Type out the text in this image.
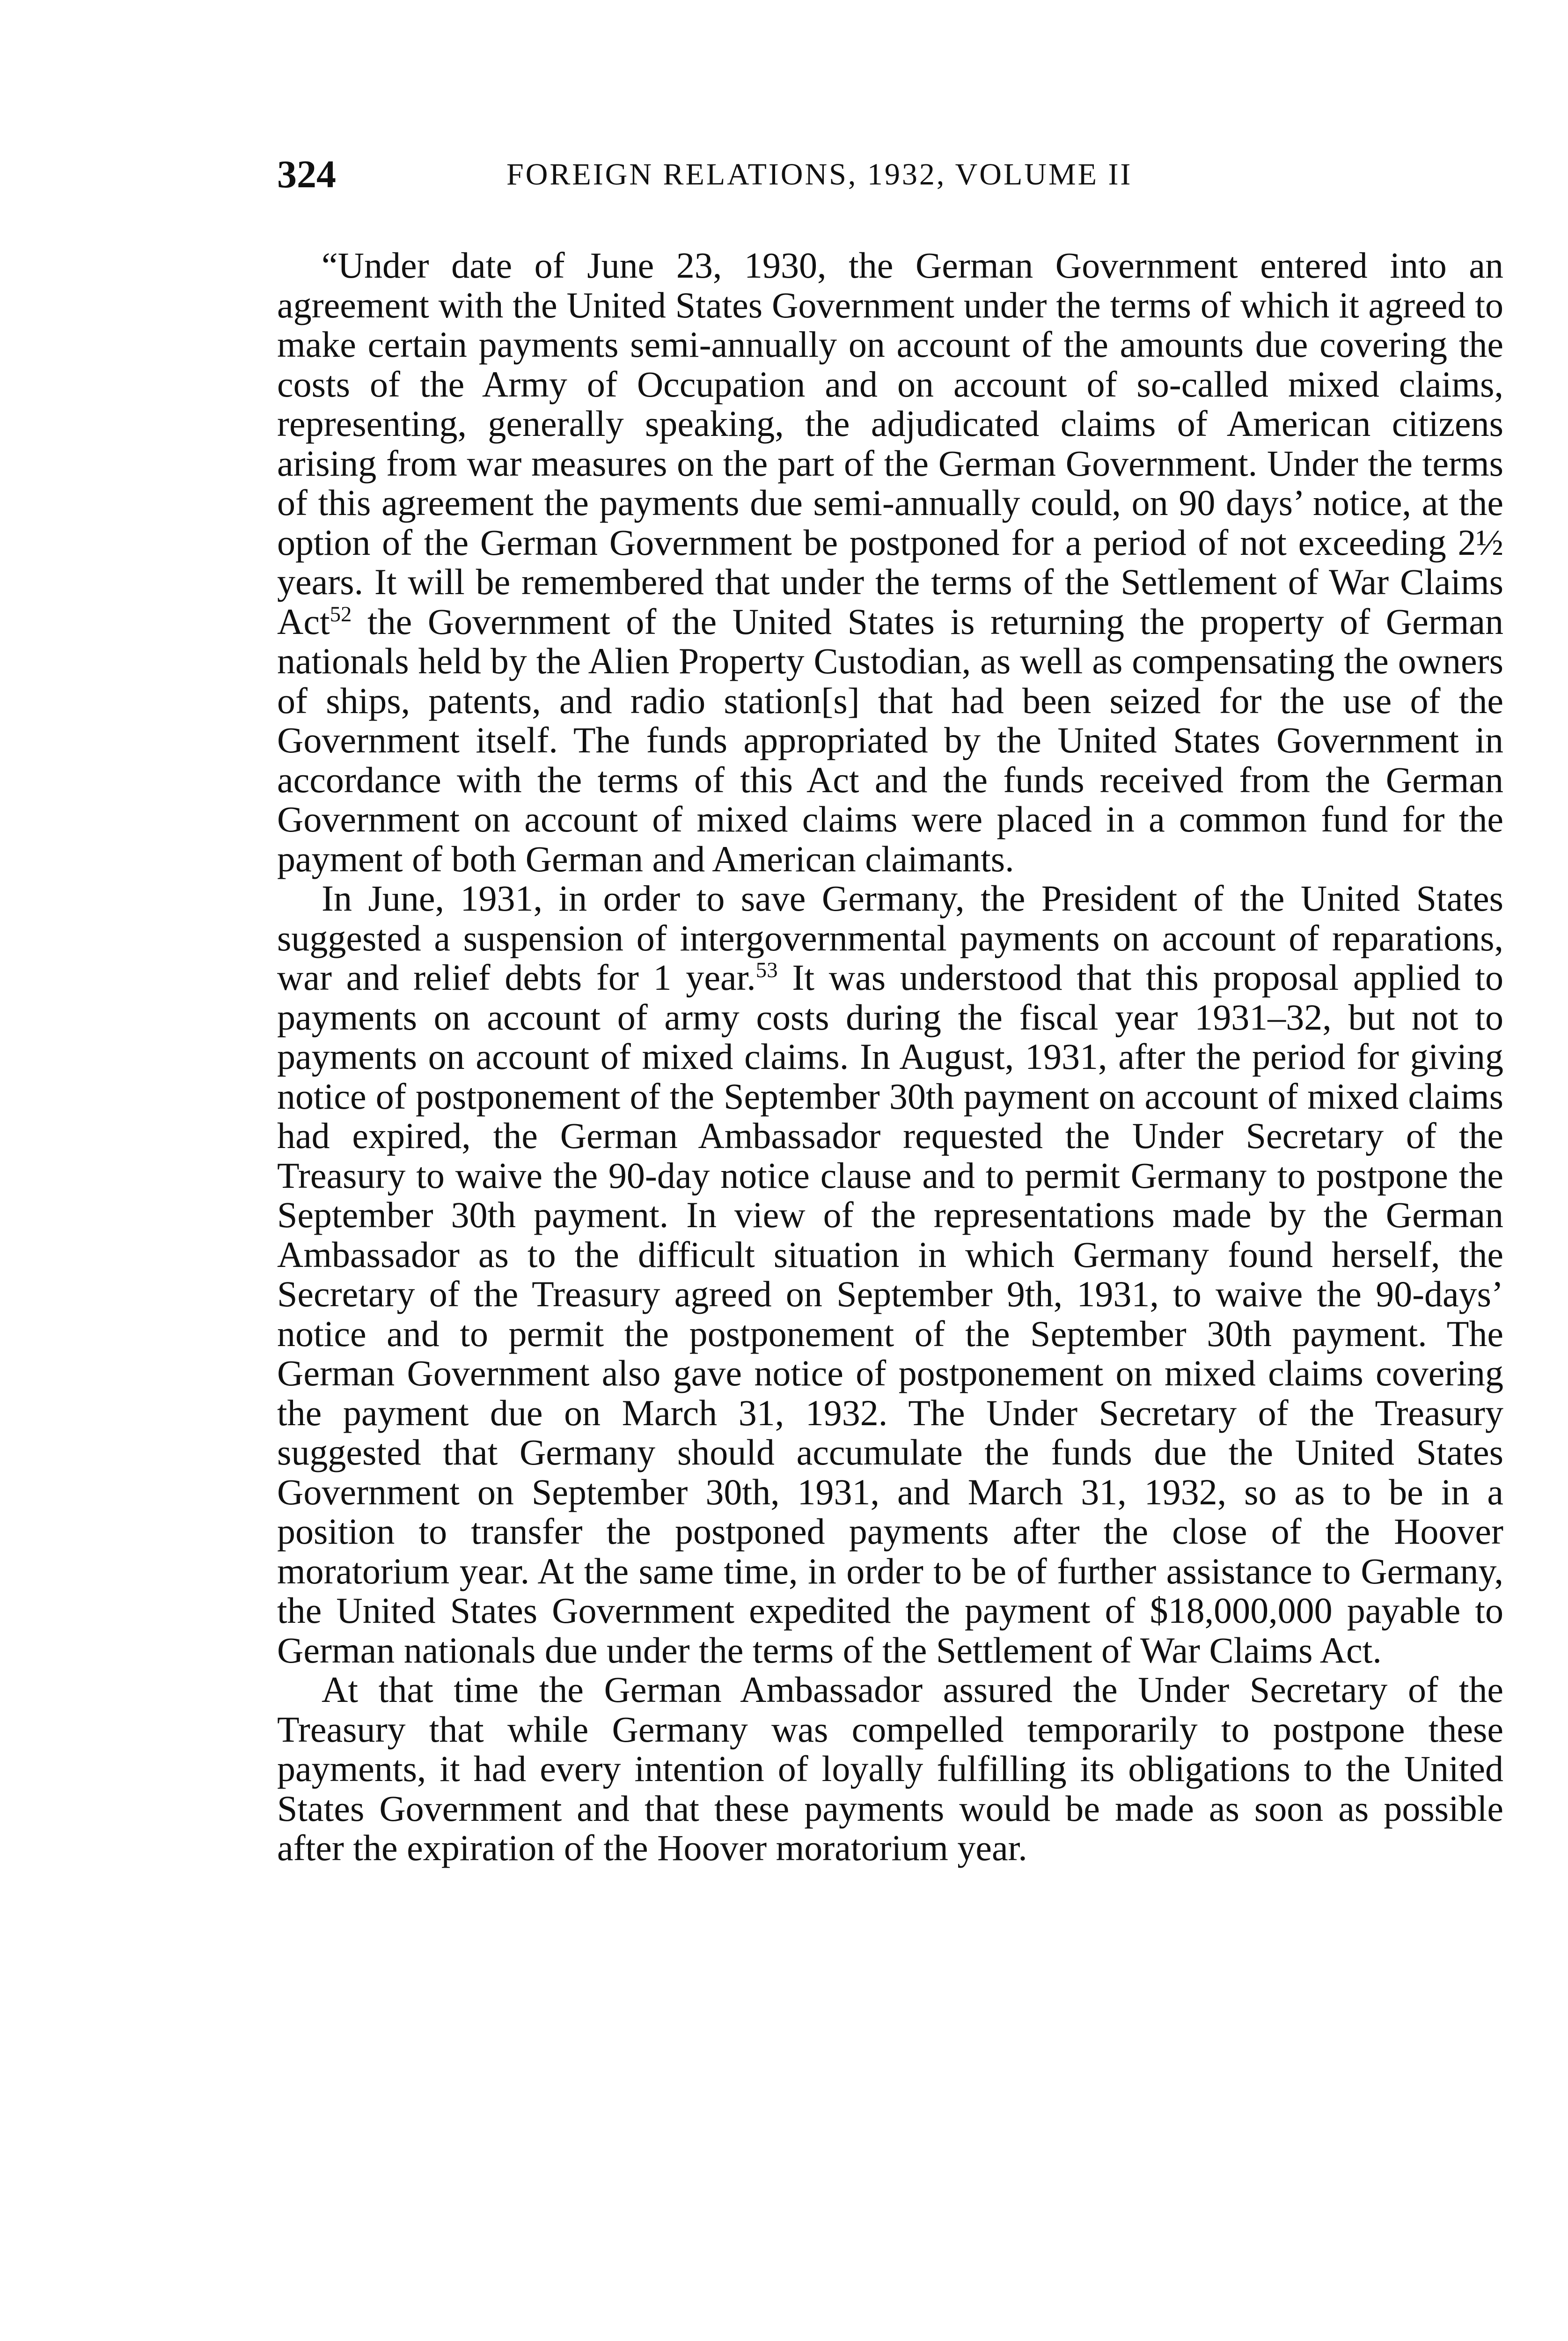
324	FOREIGN RELATIONS, 1932, VOLUME II

“Under date of June 23, 1930, the German Government entered into an agreement with the United States Government under the terms of which it agreed to make certain payments semi-annually on account of the amounts due covering the costs of the Army of Occupation and on account of so-called mixed claims, representing, generally speaking, the adjudicated claims of American citizens arising from war measures on the part of the German Government. Under the terms of this agreement the payments due semi-annually could, on 90 days’ notice, at the option of the German Government be postponed for a period of not exceeding 2½ years. It will be remembered that under the terms of the Settlement of War Claims Act$^{52}$ the Government of the United States is returning the property of German nationals held by the Alien Property Custodian, as well as compensating the owners of ships, patents, and radio station[s] that had been seized for the use of the Government itself. The funds appropriated by the United States Government in accordance with the terms of this Act and the funds received from the German Government on account of mixed claims were placed in a common fund for the payment of both German and American claimants.

In June, 1931, in order to save Germany, the President of the United States suggested a suspension of intergovernmental payments on account of reparations, war and relief debts for 1 year.$^{53}$ It was understood that this proposal applied to payments on account of army costs during the fiscal year 1931–32, but not to payments on account of mixed claims. In August, 1931, after the period for giving notice of postponement of the September 30th payment on account of mixed claims had expired, the German Ambassador requested the Under Secretary of the Treasury to waive the 90-day notice clause and to permit Germany to postpone the September 30th payment. In view of the representations made by the German Ambassador as to the difficult situation in which Germany found herself, the Secretary of the Treasury agreed on September 9th, 1931, to waive the 90-days’ notice and to permit the postponement of the September 30th payment. The German Government also gave notice of postponement on mixed claims covering the payment due on March 31, 1932. The Under Secretary of the Treasury suggested that Germany should accumulate the funds due the United States Government on September 30th, 1931, and March 31, 1932, so as to be in a position to transfer the postponed payments after the close of the Hoover moratorium year. At the same time, in order to be of further assistance to Germany, the United States Government expedited the payment of $18,000,000 payable to German nationals due under the terms of the Settlement of War Claims Act.

At that time the German Ambassador assured the Under Secretary of the Treasury that while Germany was compelled temporarily to postpone these payments, it had every intention of loyally fulfilling its obligations to the United States Government and that these payments would be made as soon as possible after the expiration of the Hoover moratorium year.
